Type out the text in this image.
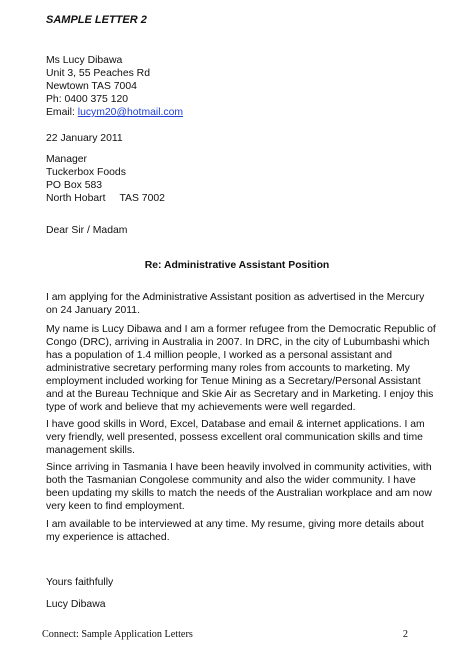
SAMPLE LETTER 2
Ms Lucy Dibawa
Unit 3, 55 Peaches Rd
Newtown TAS 7004
Ph: 0400 375 120
Email: lucym20@hotmail.com
22 January 2011
Manager
Tuckerbox Foods
PO Box 583
North Hobart TAS 7002
Dear Sir / Madam
Re: Administrative Assistant Position
I am applying for the Administrative Assistant position as advertised in the Mercury
on 24 January 2011.
My name is Lucy Dibawa and I am a former refugee from the Democratic Republic of
Congo (DRC), arriving in Australia in 2007. In DRC, in the city of Lubumbashi which
has a population of 1.4 million people, I worked as a personal assistant and
administrative secretary performing many roles from accounts to marketing. My
employment included working for Tenue Mining as a Secretary/Personal Assistant
and at the Bureau Technique and Skie Air as Secretary and in Marketing. I enjoy this
type of work and believe that my achievements were well regarded.
I have good skills in Word, Excel, Database and email & internet applications. I am
very friendly, well presented, possess excellent oral communication skills and time
management skills.
Since arriving in Tasmania I have been heavily involved in community activities, with
both the Tasmanian Congolese community and also the wider community. I have
been updating my skills to match the needs of the Australian workplace and am now
very keen to find employment.
I am available to be interviewed at any time. My resume, giving more details about
my experience is attached.
Yours faithfully
Lucy Dibawa
Connect: Sample Application Letters	2
